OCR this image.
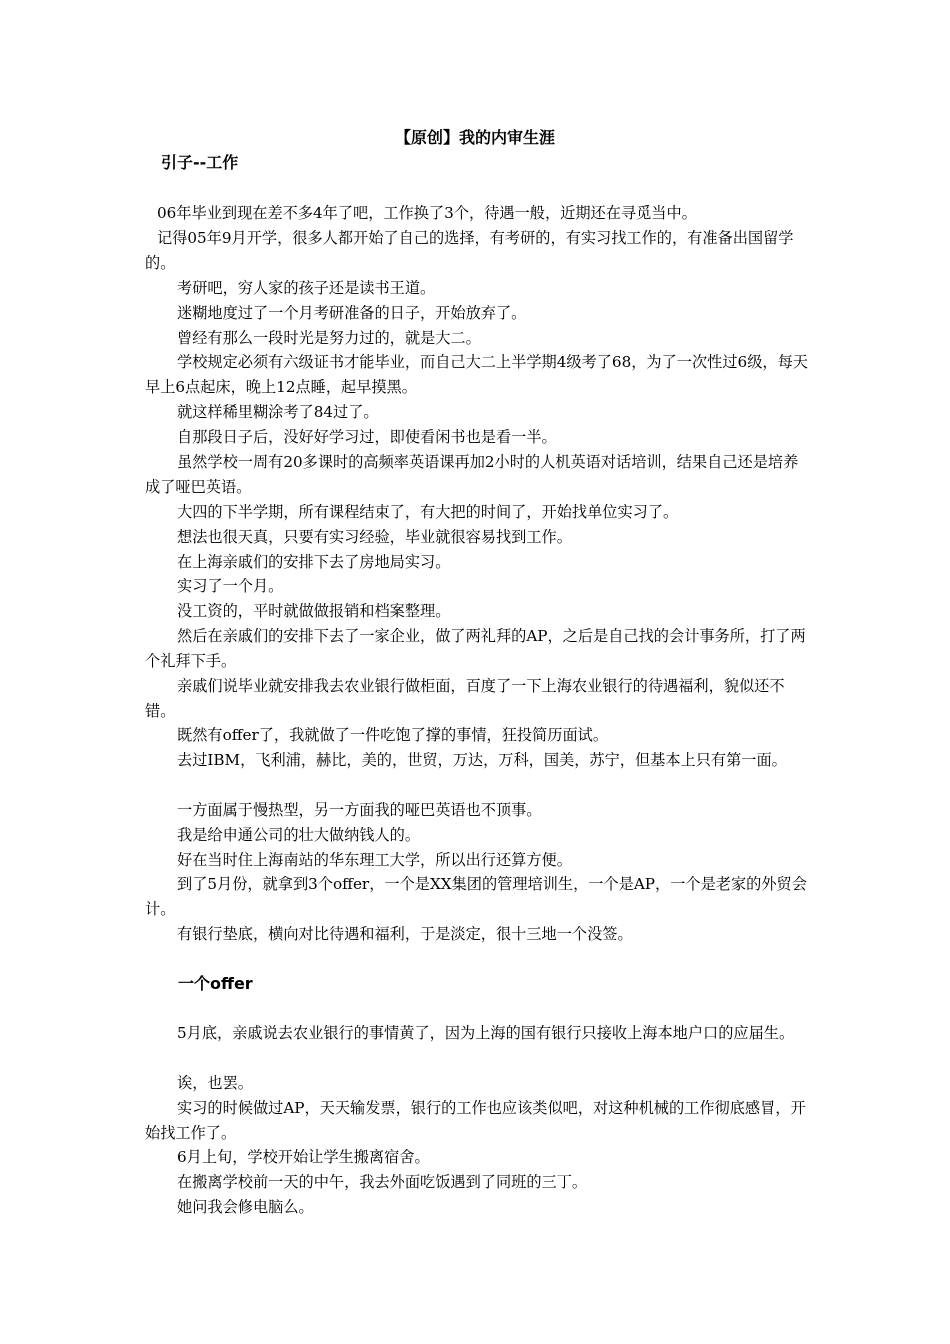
【原创】我的内审生涯
引子--工作

06年毕业到现在差不多4年了吧，工作换了3个，待遇一般，近期还在寻觅当中。

记得05年9月开学，很多人都开始了自己的选择，有考研的，有实习找工作的，有准备出国留学的。

考研吧，穷人家的孩子还是读书王道。

迷糊地度过了一个月考研准备的日子，开始放弃了。

曾经有那么一段时光是努力过的，就是大二。

学校规定必须有六级证书才能毕业，而自己大二上半学期4级考了68，为了一次性过6级，每天早上6点起床，晚上12点睡，起早摸黑。

就这样稀里糊涂考了84过了。

自那段日子后，没好好学习过，即使看闲书也是看一半。

虽然学校一周有20多课时的高频率英语课再加2小时的人机英语对话培训，结果自己还是培养成了哑巴英语。

大四的下半学期，所有课程结束了，有大把的时间了，开始找单位实习了。

想法也很天真，只要有实习经验，毕业就很容易找到工作。

在上海亲戚们的安排下去了房地局实习。

实习了一个月。

没工资的，平时就做做报销和档案整理。

然后在亲戚们的安排下去了一家企业，做了两礼拜的AP，之后是自己找的会计事务所，打了两个礼拜下手。

亲戚们说毕业就安排我去农业银行做柜面，百度了一下上海农业银行的待遇福利，貌似还不错。

既然有offer了，我就做了一件吃饱了撑的事情，狂投简历面试。

去过IBM，飞利浦，赫比，美的，世贸，万达，万科，国美，苏宁，但基本上只有第一面。

一方面属于慢热型，另一方面我的哑巴英语也不顶事。

我是给申通公司的壮大做纳钱人的。

好在当时住上海南站的华东理工大学，所以出行还算方便。

到了5月份，就拿到3个offer，一个是XX集团的管理培训生，一个是AP，一个是老家的外贸会计。

有银行垫底，横向对比待遇和福利，于是淡定，很十三地一个没签。

一个offer

5月底，亲戚说去农业银行的事情黄了，因为上海的国有银行只接收上海本地户口的应届生。

诶，也罢。

实习的时候做过AP，天天输发票，银行的工作也应该类似吧，对这种机械的工作彻底感冒，开始找工作了。

6月上旬，学校开始让学生搬离宿舍。

在搬离学校前一天的中午，我去外面吃饭遇到了同班的三丁。

她问我会修电脑么。
